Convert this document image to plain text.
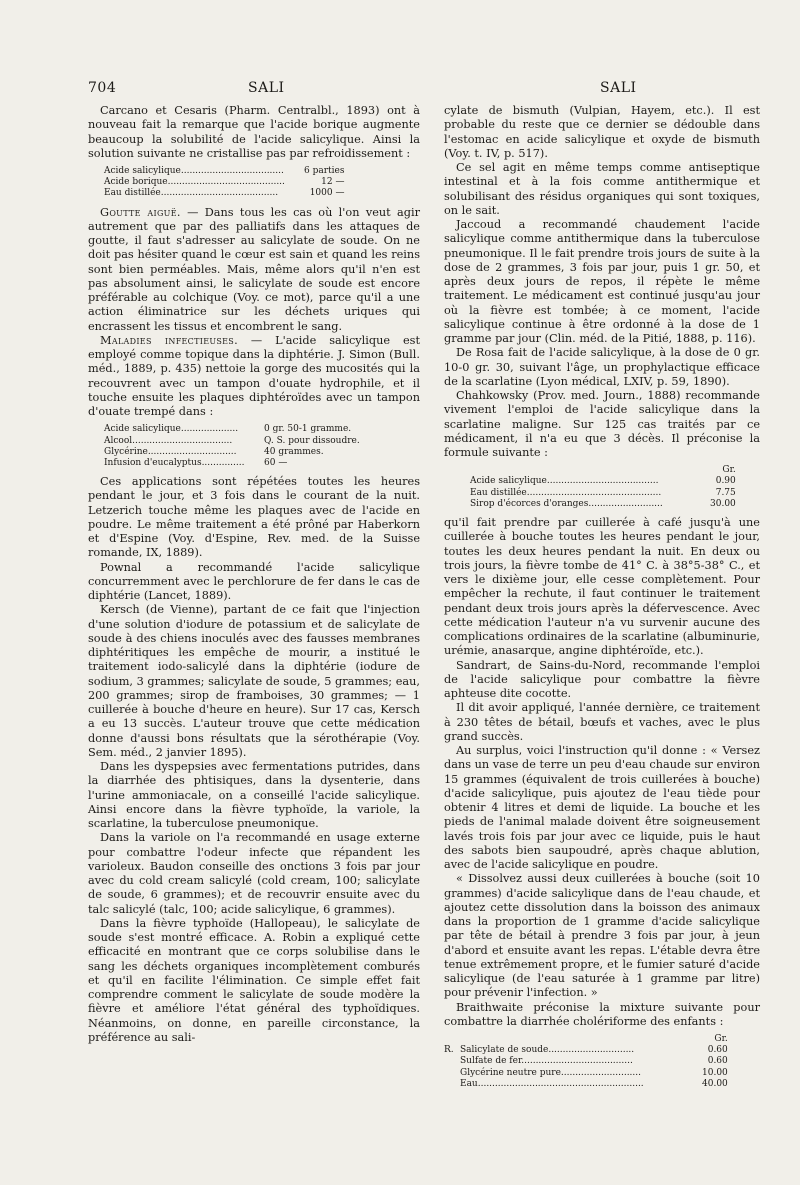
704	SALI	SALI

Carcano et Cesaris (Pharm. Centralbl., 1893) ont à nouveau fait la remarque que l'acide borique augmente beaucoup la solubilité de l'acide salicylique. Ainsi la solution suivante ne cristallise pas par refroidissement :

Acide salicylique....................................	6 parties
Acide borique.........................................	12 —
Eau distillée.........................................	1000 —

Goutte aiguë. — Dans tous les cas où l'on veut agir autrement que par des palliatifs dans les attaques de goutte, il faut s'adresser au salicylate de soude. On ne doit pas hésiter quand le cœur est sain et quand les reins sont bien perméables. Mais, même alors qu'il n'en est pas absolument ainsi, le salicylate de soude est encore préférable au colchique (Voy. ce mot), parce qu'il a une action éliminatrice sur les déchets uriques qui encrassent les tissus et encombrent le sang.

Maladies infectieuses. — L'acide salicylique est employé comme topique dans la diphtérie. J. Simon (Bull. méd., 1889, p. 435) nettoie la gorge des mucosités qui la recouvrent avec un tampon d'ouate hydrophile, et il touche ensuite les plaques diphtéroïdes avec un tampon d'ouate trempé dans :

Acide salicylique....................	0 gr. 50-1 gramme.
Alcool...................................	Q. S. pour dissoudre.
Glycérine...............................	40 grammes.
Infusion d'eucalyptus...............	60 —

Ces applications sont répétées toutes les heures pendant le jour, et 3 fois dans le courant de la nuit. Letzerich touche même les plaques avec de l'acide en poudre. Le même traitement a été prôné par Haberkorn et d'Espine (Voy. d'Espine, Rev. med. de la Suisse romande, IX, 1889).

Pownal a recommandé l'acide salicylique concurremment avec le perchlorure de fer dans le cas de diphtérie (Lancet, 1889).

Kersch (de Vienne), partant de ce fait que l'injection d'une solution d'iodure de potassium et de salicylate de soude à des chiens inoculés avec des fausses membranes diphtéritiques les empêche de mourir, a institué le traitement iodo-salicylé dans la diphtérie (iodure de sodium, 3 grammes; salicylate de soude, 5 grammes; eau, 200 grammes; sirop de framboises, 30 grammes; — 1 cuillerée à bouche d'heure en heure). Sur 17 cas, Kersch a eu 13 succès. L'auteur trouve que cette médication donne d'aussi bons résultats que la sérothérapie (Voy. Sem. méd., 2 janvier 1895).

Dans les dyspepsies avec fermentations putrides, dans la diarrhée des phtisiques, dans la dysenterie, dans l'urine ammoniacale, on a conseillé l'acide salicylique. Ainsi encore dans la fièvre typhoïde, la variole, la scarlatine, la tuberculose pneumonique.

Dans la variole on l'a recommandé en usage externe pour combattre l'odeur infecte que répandent les varioleux. Baudon conseille des onctions 3 fois par jour avec du cold cream salicylé (cold cream, 100; salicylate de soude, 6 grammes); et de recouvrir ensuite avec du talc salicylé (talc, 100; acide salicylique, 6 grammes).

Dans la fièvre typhoïde (Hallopeau), le salicylate de soude s'est montré efficace. A. Robin a expliqué cette efficacité en montrant que ce corps solubilise dans le sang les déchets organiques incomplètement comburés et qu'il en facilite l'élimination. Ce simple effet fait comprendre comment le salicylate de soude modère la fièvre et améliore l'état général des typhoïdiques. Néanmoins, on donne, en pareille circonstance, la préférence au sali-

cylate de bismuth (Vulpian, Hayem, etc.). Il est probable du reste que ce dernier se dédouble dans l'estomac en acide salicylique et oxyde de bismuth (Voy. t. IV, p. 517).

Ce sel agit en même temps comme antiseptique intestinal et à la fois comme antithermique et solubilisant des résidus organiques qui sont toxiques, on le sait.

Jaccoud a recommandé chaudement l'acide salicylique comme antithermique dans la tuberculose pneumonique. Il le fait prendre trois jours de suite à la dose de 2 grammes, 3 fois par jour, puis 1 gr. 50, et après deux jours de repos, il répète le même traitement. Le médicament est continué jusqu'au jour où la fièvre est tombée; à ce moment, l'acide salicylique continue à être ordonné à la dose de 1 gramme par jour (Clin. méd. de la Pitié, 1888, p. 116).

De Rosa fait de l'acide salicylique, à la dose de 0 gr. 10-0 gr. 30, suivant l'âge, un prophylactique efficace de la scarlatine (Lyon médical, LXIV, p. 59, 1890).

Chahkowsky (Prov. med. Journ., 1888) recommande vivement l'emploi de l'acide salicylique dans la scarlatine maligne. Sur 125 cas traités par ce médicament, il n'a eu que 3 décès. Il préconise la formule suivante :

	Gr.
Acide salicylique.......................................	0.90
Eau distillée...............................................	7.75
Sirop d'écorces d'oranges..........................	30.00

qu'il fait prendre par cuillerée à café jusqu'à une cuillerée à bouche toutes les heures pendant le jour, toutes les deux heures pendant la nuit. En deux ou trois jours, la fièvre tombe de 41° C. à 38°5-38° C., et vers le dixième jour, elle cesse complètement. Pour empêcher la rechute, il faut continuer le traitement pendant deux trois jours après la défervescence. Avec cette médication l'auteur n'a vu survenir aucune des complications ordinaires de la scarlatine (albuminurie, urémie, anasarque, angine diphtéroïde, etc.).

Sandrart, de Sains-du-Nord, recommande l'emploi de l'acide salicylique pour combattre la fièvre aphteuse dite cocotte.

Il dit avoir appliqué, l'année dernière, ce traitement à 230 têtes de bétail, bœufs et vaches, avec le plus grand succès.

Au surplus, voici l'instruction qu'il donne : « Versez dans un vase de terre un peu d'eau chaude sur environ 15 grammes (équivalent de trois cuillerées à bouche) d'acide salicylique, puis ajoutez de l'eau tiède pour obtenir 4 litres et demi de liquide. La bouche et les pieds de l'animal malade doivent être soigneusement lavés trois fois par jour avec ce liquide, puis le haut des sabots bien saupoudré, après chaque ablution, avec de l'acide salicylique en poudre.

« Dissolvez aussi deux cuillerées à bouche (soit 10 grammes) d'acide salicylique dans de l'eau chaude, et ajoutez cette dissolution dans la boisson des animaux dans la proportion de 1 gramme d'acide salicylique par tête de bétail à prendre 3 fois par jour, à jeun d'abord et ensuite avant les repas. L'étable devra être tenue extrêmement propre, et le fumier saturé d'acide salicylique (de l'eau saturée à 1 gramme par litre) pour prévenir l'infection. »

Braithwaite préconise la mixture suivante pour combattre la diarrhée cholériforme des enfants :

		Gr.
R.	Salicylate de soude..............................	0.60
	Sulfate de fer.......................................	0.60
	Glycérine neutre pure............................	10.00
	Eau..........................................................	40.00
